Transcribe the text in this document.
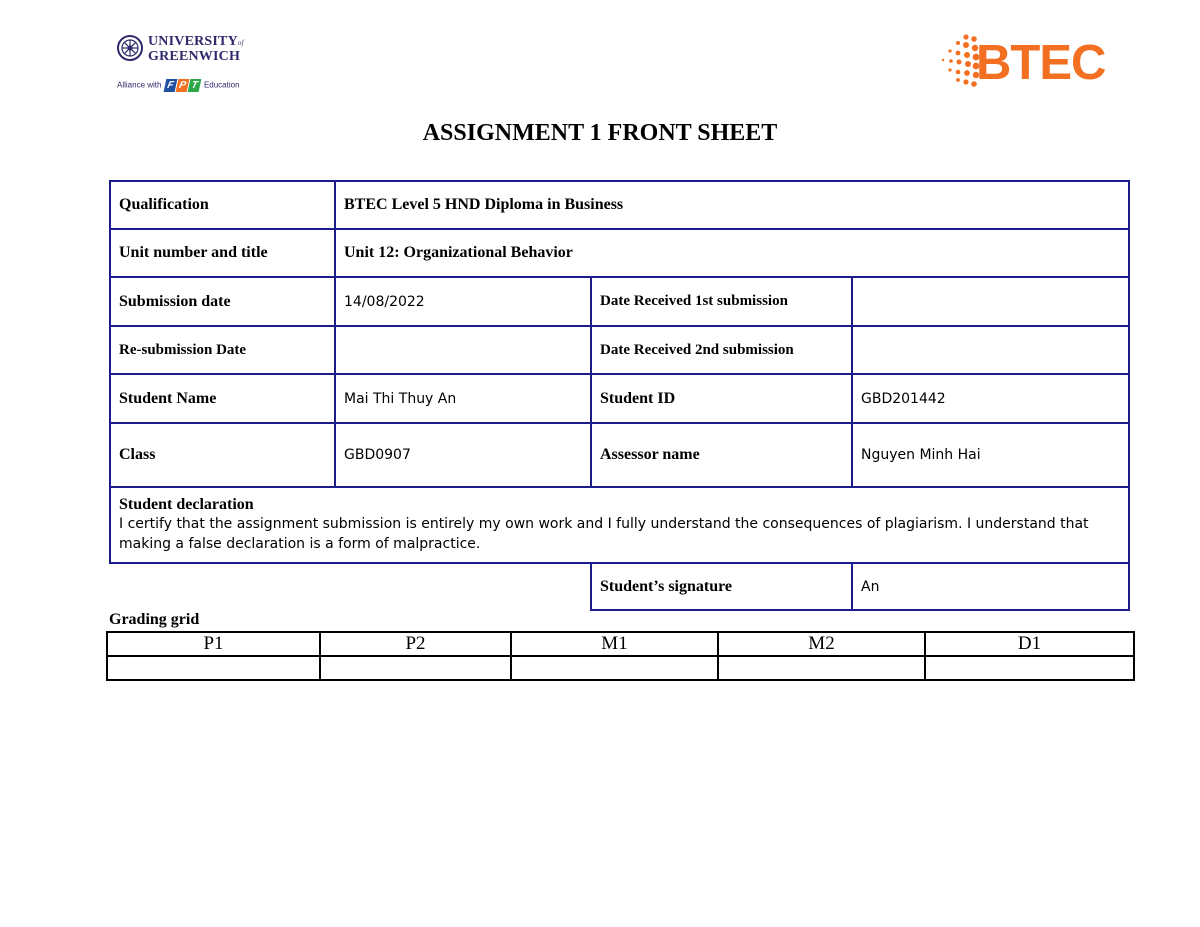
UNIVERSITYof
GREENWICH
Alliance with F P T Education	BTEC
ASSIGNMENT 1 FRONT SHEET
Qualification	BTEC Level 5 HND Diploma in Business		
Unit number and title	Unit 12: Organizational Behavior		
Submission date	14/08/2022	Date Received 1st submission	
Re-submission Date		Date Received 2nd submission	
Student Name	Mai Thi Thuy An	Student ID	GBD201442
Class	GBD0907	Assessor name	Nguyen Minh Hai

Student declaration
I certify that the assignment submission is entirely my own work and I fully understand the consequences of plagiarism. I understand that making a false declaration is a form of malpractice.			
		Student’s signature	An
Grading grid
P1	P2	M1	M2	D1
